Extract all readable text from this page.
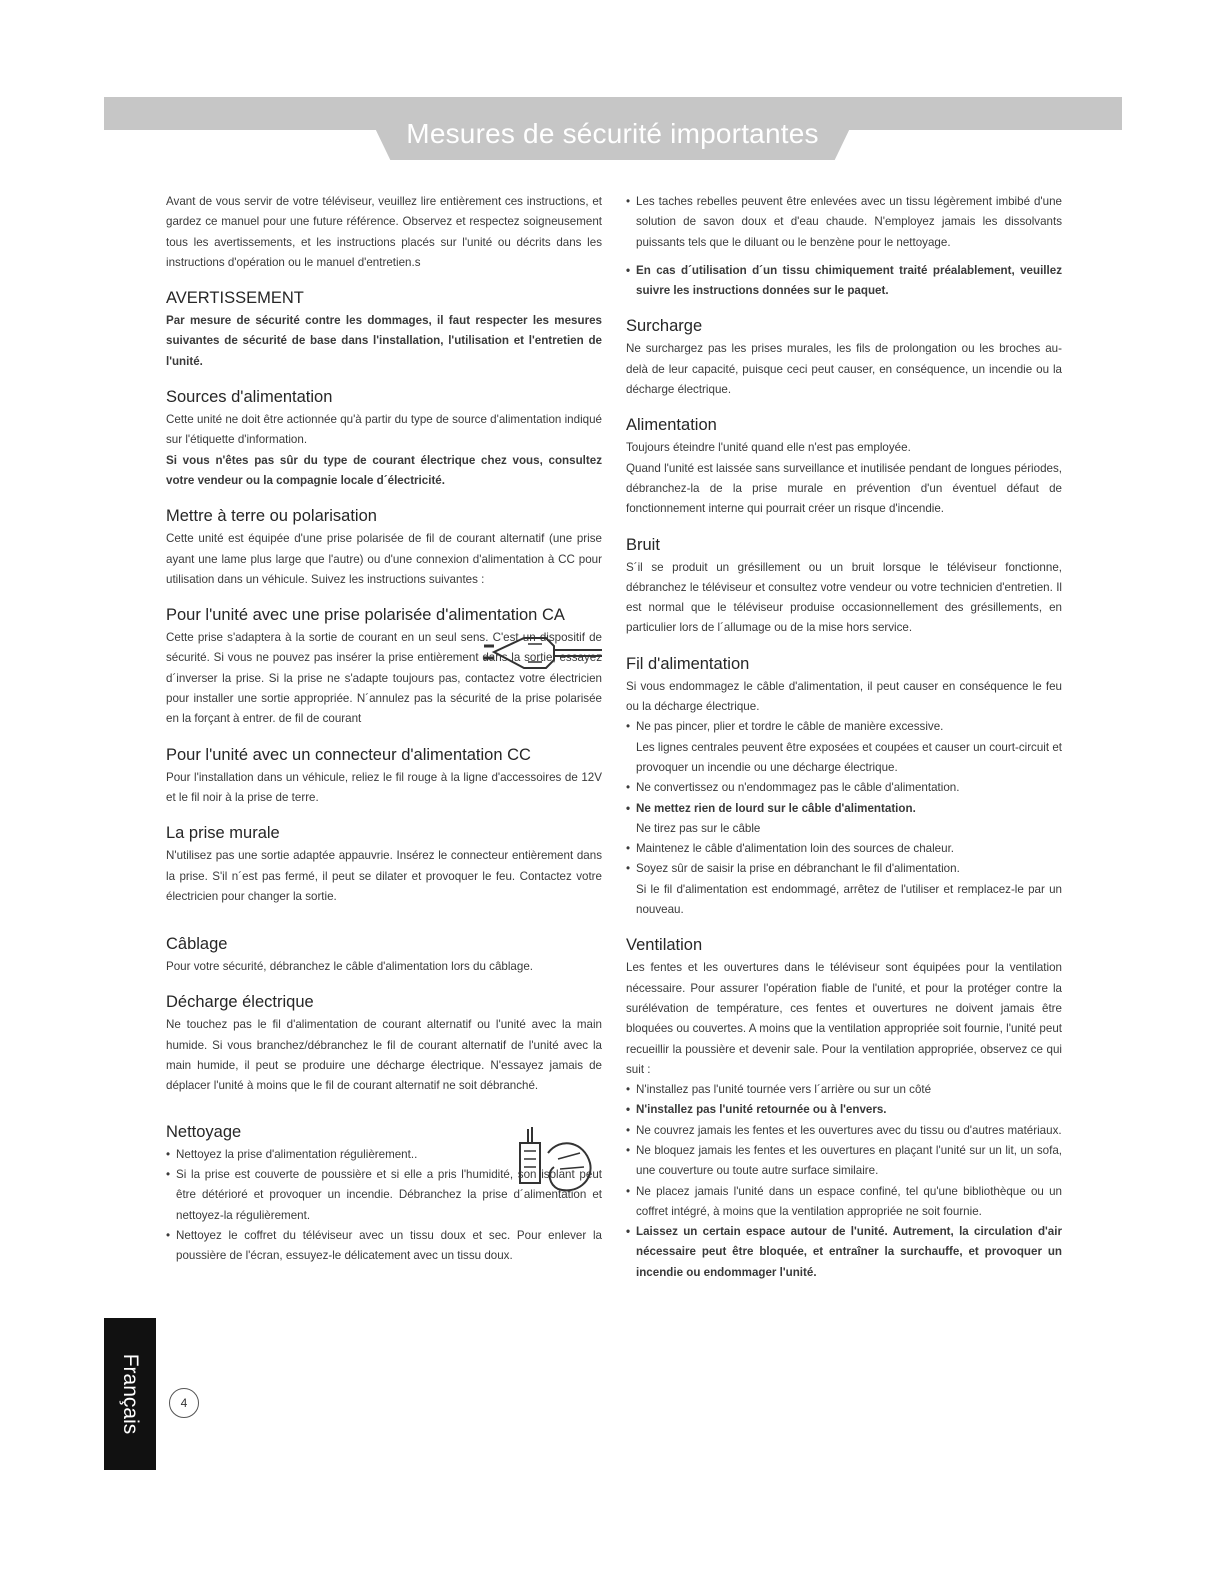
Mesures de sécurité importantes

Avant de vous servir de votre téléviseur, veuillez lire entièrement ces instructions, et gardez ce manuel pour une future référence. Observez et respectez soigneusement tous les avertissements, et les instructions placés sur l'unité ou décrits dans les instructions d'opération ou le manuel d'entretien.s

AVERTISSEMENT

Par mesure de sécurité contre les dommages, il faut respecter les mesures suivantes de sécurité de base dans l'installation, l'utilisation et l'entretien de l'unité.

Sources d'alimentation

Cette unité ne doit être actionnée qu'à partir du type de source d'alimentation indiqué sur l'étiquette d'information.

Si vous n'êtes pas sûr du type de courant électrique chez vous, consultez votre vendeur ou la compagnie locale d´électricité.

Mettre à terre ou polarisation

Cette unité est équipée d'une prise polarisée de fil de courant alternatif (une prise ayant une lame plus large que l'autre) ou d'une connexion d'alimentation à CC pour utilisation dans un véhicule. Suivez les instructions suivantes :

Pour l'unité avec une prise polarisée d'alimentation CA

Cette prise s'adaptera à la sortie de courant en un seul sens. C'est un dispositif de sécurité. Si vous ne pouvez pas insérer la prise entièrement dans la sortie, essayez d´inverser la prise. Si la prise ne s'adapte toujours pas, contactez votre électricien pour installer une sortie appropriée. N´annulez pas la sécurité de la prise polarisée en la forçant à entrer. de fil de courant

Pour l'unité avec un connecteur d'alimentation CC

Pour l'installation dans un véhicule, reliez le fil rouge à la ligne d'accessoires de 12V et le fil noir à la prise de terre.

La prise murale

N'utilisez pas une sortie adaptée appauvrie. Insérez le connecteur entièrement dans la prise. S'il n´est pas fermé, il peut se dilater et provoquer le feu. Contactez votre électricien pour changer la sortie.

Câblage

Pour votre sécurité, débranchez le câble d'alimentation lors du câblage.

Décharge électrique

Ne touchez pas le fil d'alimentation de courant alternatif ou l'unité avec la main humide. Si vous branchez/débranchez le fil de courant alternatif de l'unité avec la main humide, il peut se produire une décharge électrique. N'essayez jamais de déplacer l'unité à moins que le fil de courant alternatif ne soit débranché.

Nettoyage

• Nettoyez la prise d'alimentation régulièrement..

• Si la prise est couverte de poussière et si elle a pris l'humidité, son isolant peut être détérioré et provoquer un incendie. Débranchez la prise d´alimentation et nettoyez-la régulièrement.

• Nettoyez le coffret du téléviseur avec un tissu doux et sec. Pour enlever la poussière de l'écran, essuyez-le délicatement avec un tissu doux.

• Les taches rebelles peuvent être enlevées avec un tissu légèrement imbibé d'une solution de savon doux et d'eau chaude. N'employez jamais les dissolvants puissants tels que le diluant ou le benzène pour le nettoyage.

• En cas d´utilisation d´un tissu chimiquement traité préalablement, veuillez suivre les instructions données sur le paquet.

Surcharge

Ne surchargez pas les prises murales, les fils de prolongation ou les broches au-delà de leur capacité, puisque ceci peut causer, en conséquence, un incendie ou la décharge électrique.

Alimentation

Toujours éteindre l'unité quand elle n'est pas employée.

Quand l'unité est laissée sans surveillance et inutilisée pendant de longues périodes, débranchez-la de la prise murale en prévention d'un éventuel défaut de fonctionnement interne qui pourrait créer un risque d'incendie.

Bruit

S´il se produit un grésillement ou un bruit lorsque le téléviseur fonctionne, débranchez le téléviseur et consultez votre vendeur ou votre technicien d'entretien. Il est normal que le téléviseur produise occasionnellement des grésillements, en particulier lors de l´allumage ou de la mise hors service.

Fil d'alimentation

Si vous endommagez le câble d'alimentation, il peut causer en conséquence le feu ou la décharge électrique.

• Ne pas pincer, plier et tordre le câble de manière excessive.

Les lignes centrales peuvent être exposées et coupées et causer un court-circuit et provoquer un incendie ou une décharge électrique.

• Ne convertissez ou n'endommagez pas le câble d'alimentation.

• Ne mettez rien de lourd sur le câble d'alimentation.

Ne tirez pas sur le câble

• Maintenez le câble d'alimentation loin des sources de chaleur.

• Soyez sûr de saisir la prise en débranchant le fil d'alimentation.

Si le fil d'alimentation est endommagé, arrêtez de l'utiliser et remplacez-le par un nouveau.

Ventilation

Les fentes et les ouvertures dans le téléviseur sont équipées pour la ventilation nécessaire. Pour assurer l'opération fiable de l'unité, et pour la protéger contre la surélévation de température, ces fentes et ouvertures ne doivent jamais être bloquées ou couvertes. A moins que la ventilation appropriée soit fournie, l'unité peut recueillir la poussière et devenir sale. Pour la ventilation appropriée, observez ce qui suit :

• N'installez pas l'unité tournée vers l´arrière ou sur un côté

• N'installez pas l'unité retournée ou à l'envers.

• Ne couvrez jamais les fentes et les ouvertures avec du tissu ou d'autres matériaux.

• Ne bloquez jamais les fentes et les ouvertures en plaçant l'unité sur un lit, un sofa, une couverture ou toute autre surface similaire.

• Ne placez jamais l'unité dans un espace confiné, tel qu'une bibliothèque ou un coffret intégré, à moins que la ventilation appropriée ne soit fournie.

• Laissez un certain espace autour de l'unité. Autrement, la circulation d'air nécessaire peut être bloquée, et entraîner la surchauffe, et provoquer un incendie ou endommager l'unité.

Français	4
